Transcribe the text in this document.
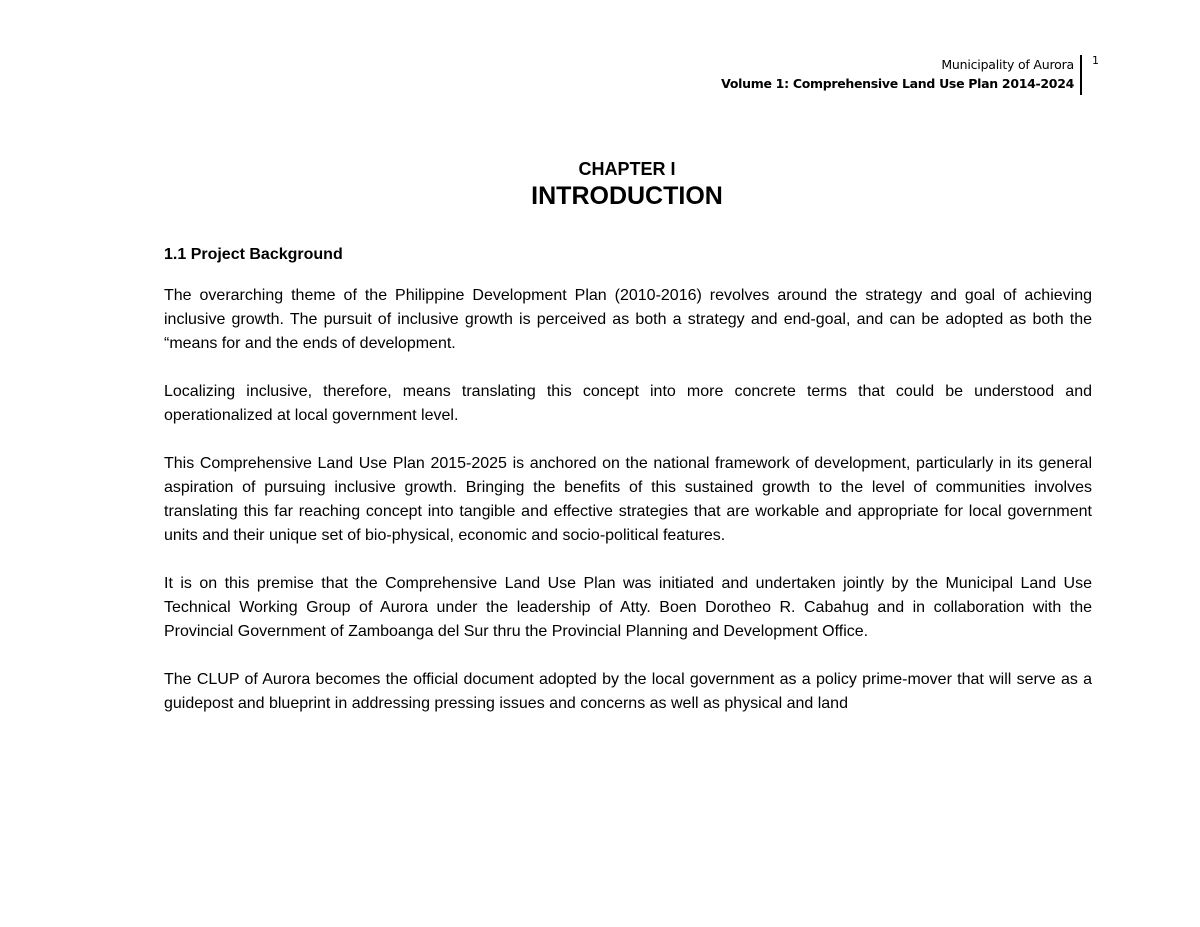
Municipality of Aurora
Volume 1: Comprehensive Land Use Plan 2014-2024
1
CHAPTER I
INTRODUCTION
1.1 Project Background

The overarching theme of the Philippine Development Plan (2010-2016) revolves around the strategy and goal of achieving inclusive growth. The pursuit of inclusive growth is perceived as both a strategy and end-goal, and can be adopted as both the “means for and the ends of development.

Localizing inclusive, therefore, means translating this concept into more concrete terms that could be understood and operationalized at local government level.

This Comprehensive Land Use Plan 2015-2025 is anchored on the national framework of development, particularly in its general aspiration of pursuing inclusive growth. Bringing the benefits of this sustained growth to the level of communities involves translating this far reaching concept into tangible and effective strategies that are workable and appropriate for local government units and their unique set of bio-physical, economic and socio-political features.

It is on this premise that the Comprehensive Land Use Plan was initiated and undertaken jointly by the Municipal Land Use Technical Working Group of Aurora under the leadership of Atty. Boen Dorotheo R. Cabahug and in collaboration with the Provincial Government of Zamboanga del Sur thru the Provincial Planning and Development Office.

The CLUP of Aurora becomes the official document adopted by the local government as a policy prime-mover that will serve as a guidepost and blueprint in addressing pressing issues and concerns as well as physical and land
